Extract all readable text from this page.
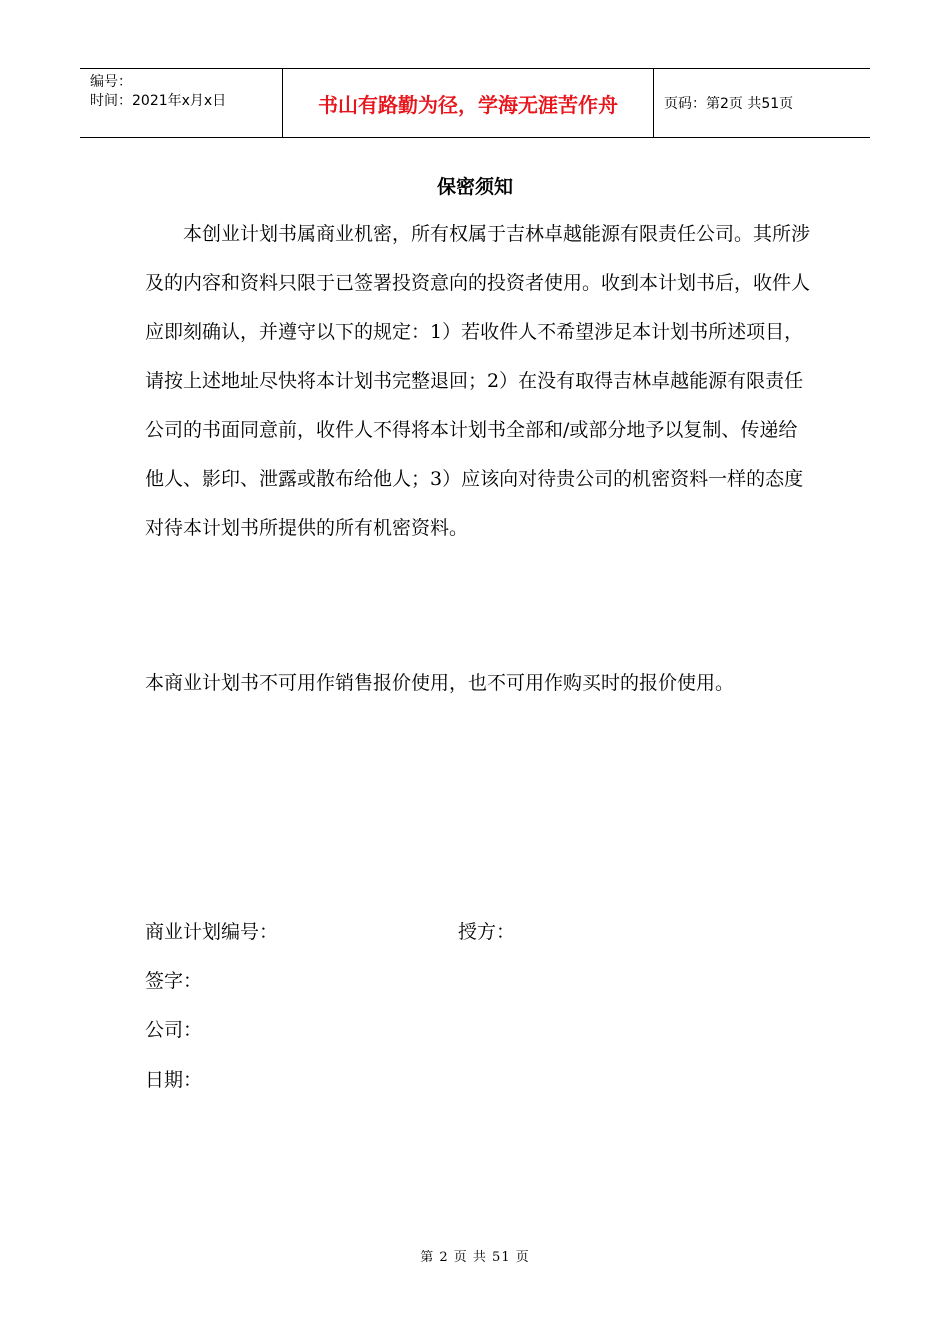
编号：
时间：2021年x月x日	书山有路勤为径，学海无涯苦作舟	页码：第2页 共51页
保密须知

本创业计划书属商业机密，所有权属于吉林卓越能源有限责任公司。其所涉及的内容和资料只限于已签署投资意向的投资者使用。收到本计划书后，收件人应即刻确认，并遵守以下的规定：1）若收件人不希望涉足本计划书所述项目，请按上述地址尽快将本计划书完整退回；2）在没有取得吉林卓越能源有限责任公司的书面同意前，收件人不得将本计划书全部和/或部分地予以复制、传递给他人、影印、泄露或散布给他人；3）应该向对待贵公司的机密资料一样的态度对待本计划书所提供的所有机密资料。

本商业计划书不可用作销售报价使用，也不可用作购买时的报价使用。

商业计划编号：	授方：
签字：
公司：
日期：
第 2 页 共 51 页
